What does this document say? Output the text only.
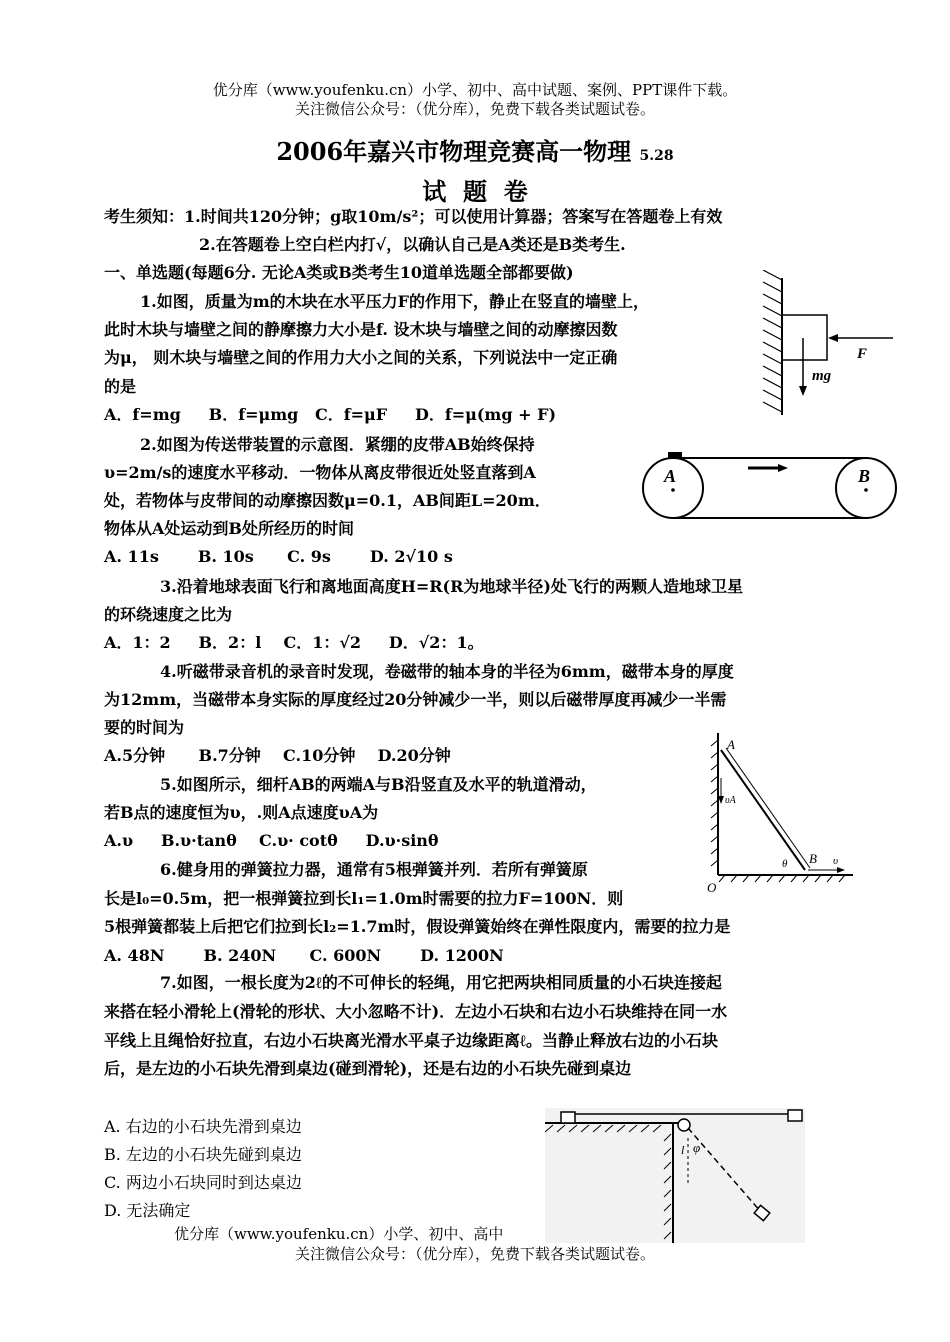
优分库（www.youfenku.cn）小学、初中、高中试题、案例、PPT课件下载。
关注微信公众号：（优分库），免费下载各类试题试卷。
2006年嘉兴市物理竞赛高一物理 5.28
试  题  卷
考生须知：1.时间共120分钟；g取10m/s²；可以使用计算器；答案写在答题卷上有效
2.在答题卷上空白栏内打√，以确认自己是A类还是B类考生.
一、单选题(每题6分. 无论A类或B类考生10道单选题全部都要做)
1.如图，质量为m的木块在水平压力F的作用下，静止在竖直的墙壁上，
此时木块与墙壁之间的静摩擦力大小是f. 设木块与墙壁之间的动摩擦因数
为μ， 则木块与墙壁之间的作用力大小之间的关系，下列说法中一定正确
的是
A．f=mg     B．f=μmg   C．f=μF     D．f=μ(mg + F)
F
mg
2.如图为传送带装置的示意图．紧绷的皮带AB始终保持
υ=2m/s的速度水平移动．一物体从离皮带很近处竖直落到A
处，若物体与皮带间的动摩擦因数μ=0.1，AB间距L=20m．
物体从A处运动到B处所经历的时间
A. 11s       B. 10s      C. 9s       D. 2√10 s
A	B
3.沿着地球表面飞行和离地面高度H=R(R为地球半径)处飞行的两颗人造地球卫星
的环绕速度之比为
A．1：2     B．2：l    C．1：√2     D．√2：1。
4.听磁带录音机的录音时发现，卷磁带的轴本身的半径为6mm，磁带本身的厚度
为12mm，当磁带本身实际的厚度经过20分钟减少一半，则以后磁带厚度再减少一半需
要的时间为
A.5分钟      B.7分钟    C.10分钟    D.20分钟
5.如图所示，细杆AB的两端A与B沿竖直及水平的轨道滑动，
若B点的速度恒为υ，.则A点速度υA为
A.υ     B.υ·tanθ    C.υ· cotθ     D.υ·sinθ
A
B
O
υA
υ
θ
6.健身用的弹簧拉力器，通常有5根弹簧并列．若所有弹簧原
长是l₀=0.5m，把一根弹簧拉到长l₁=1.0m时需要的拉力F=100N．则
5根弹簧都装上后把它们拉到长l₂=1.7m时，假设弹簧始终在弹性限度内，需要的拉力是
A. 48N       B. 240N      C. 600N       D. 1200N
7.如图，一根长度为2ℓ的不可伸长的轻绳，用它把两块相同质量的小石块连接起
来搭在轻小滑轮上(滑轮的形状、大小忽略不计)．左边小石块和右边小石块维持在同一水
平线上且绳恰好拉直，右边小石块离光滑水平桌子边缘距离ℓ。当静止释放右边的小石块
后，是左边的小石块先滑到桌边(碰到滑轮)，还是右边的小石块先碰到桌边
A. 右边的小石块先滑到桌边
B. 左边的小石块先碰到桌边
C. 两边小石块同时到达桌边
D. 无法确定
l φ
优分库（www.youfenku.cn）小学、初中、高中
关注微信公众号：（优分库），免费下载各类试题试卷。
